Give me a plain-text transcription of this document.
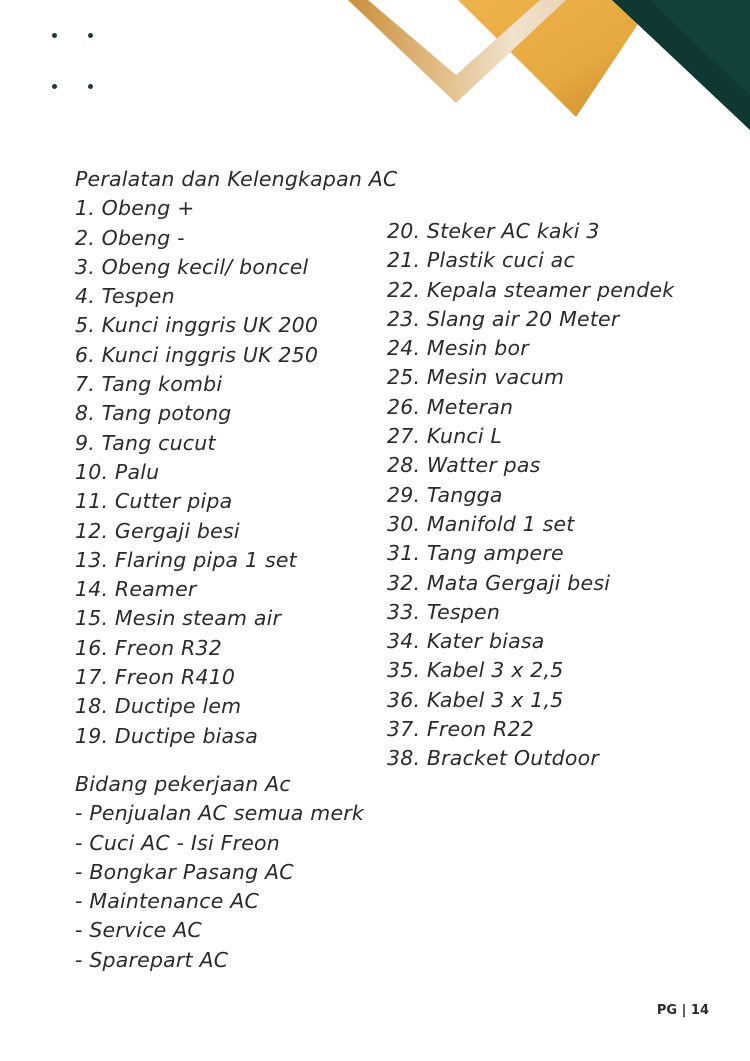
Peralatan dan Kelengkapan AC
1. Obeng +
2. Obeng -
3. Obeng kecil/ boncel
4. Tespen
5. Kunci inggris UK 200
6. Kunci inggris UK 250
7. Tang kombi
8. Tang potong
9. Tang cucut
10. Palu
11. Cutter pipa
12. Gergaji besi
13. Flaring pipa 1 set
14. Reamer
15. Mesin steam air
16. Freon R32
17. Freon R410
18. Ductipe lem
19. Ductipe biasa
20. Steker AC kaki 3
21. Plastik cuci ac
22. Kepala steamer pendek
23. Slang air 20 Meter
24. Mesin bor
25. Mesin vacum
26. Meteran
27. Kunci L
28. Watter pas
29. Tangga
30. Manifold 1 set
31. Tang ampere
32. Mata Gergaji besi
33. Tespen
34. Kater biasa
35. Kabel 3 x 2,5
36. Kabel 3 x 1,5
37. Freon R22
38. Bracket Outdoor
Bidang pekerjaan Ac
- Penjualan AC semua merk
- Cuci AC - Isi Freon
- Bongkar Pasang AC
- Maintenance AC
- Service AC
- Sparepart AC
PG | 14
